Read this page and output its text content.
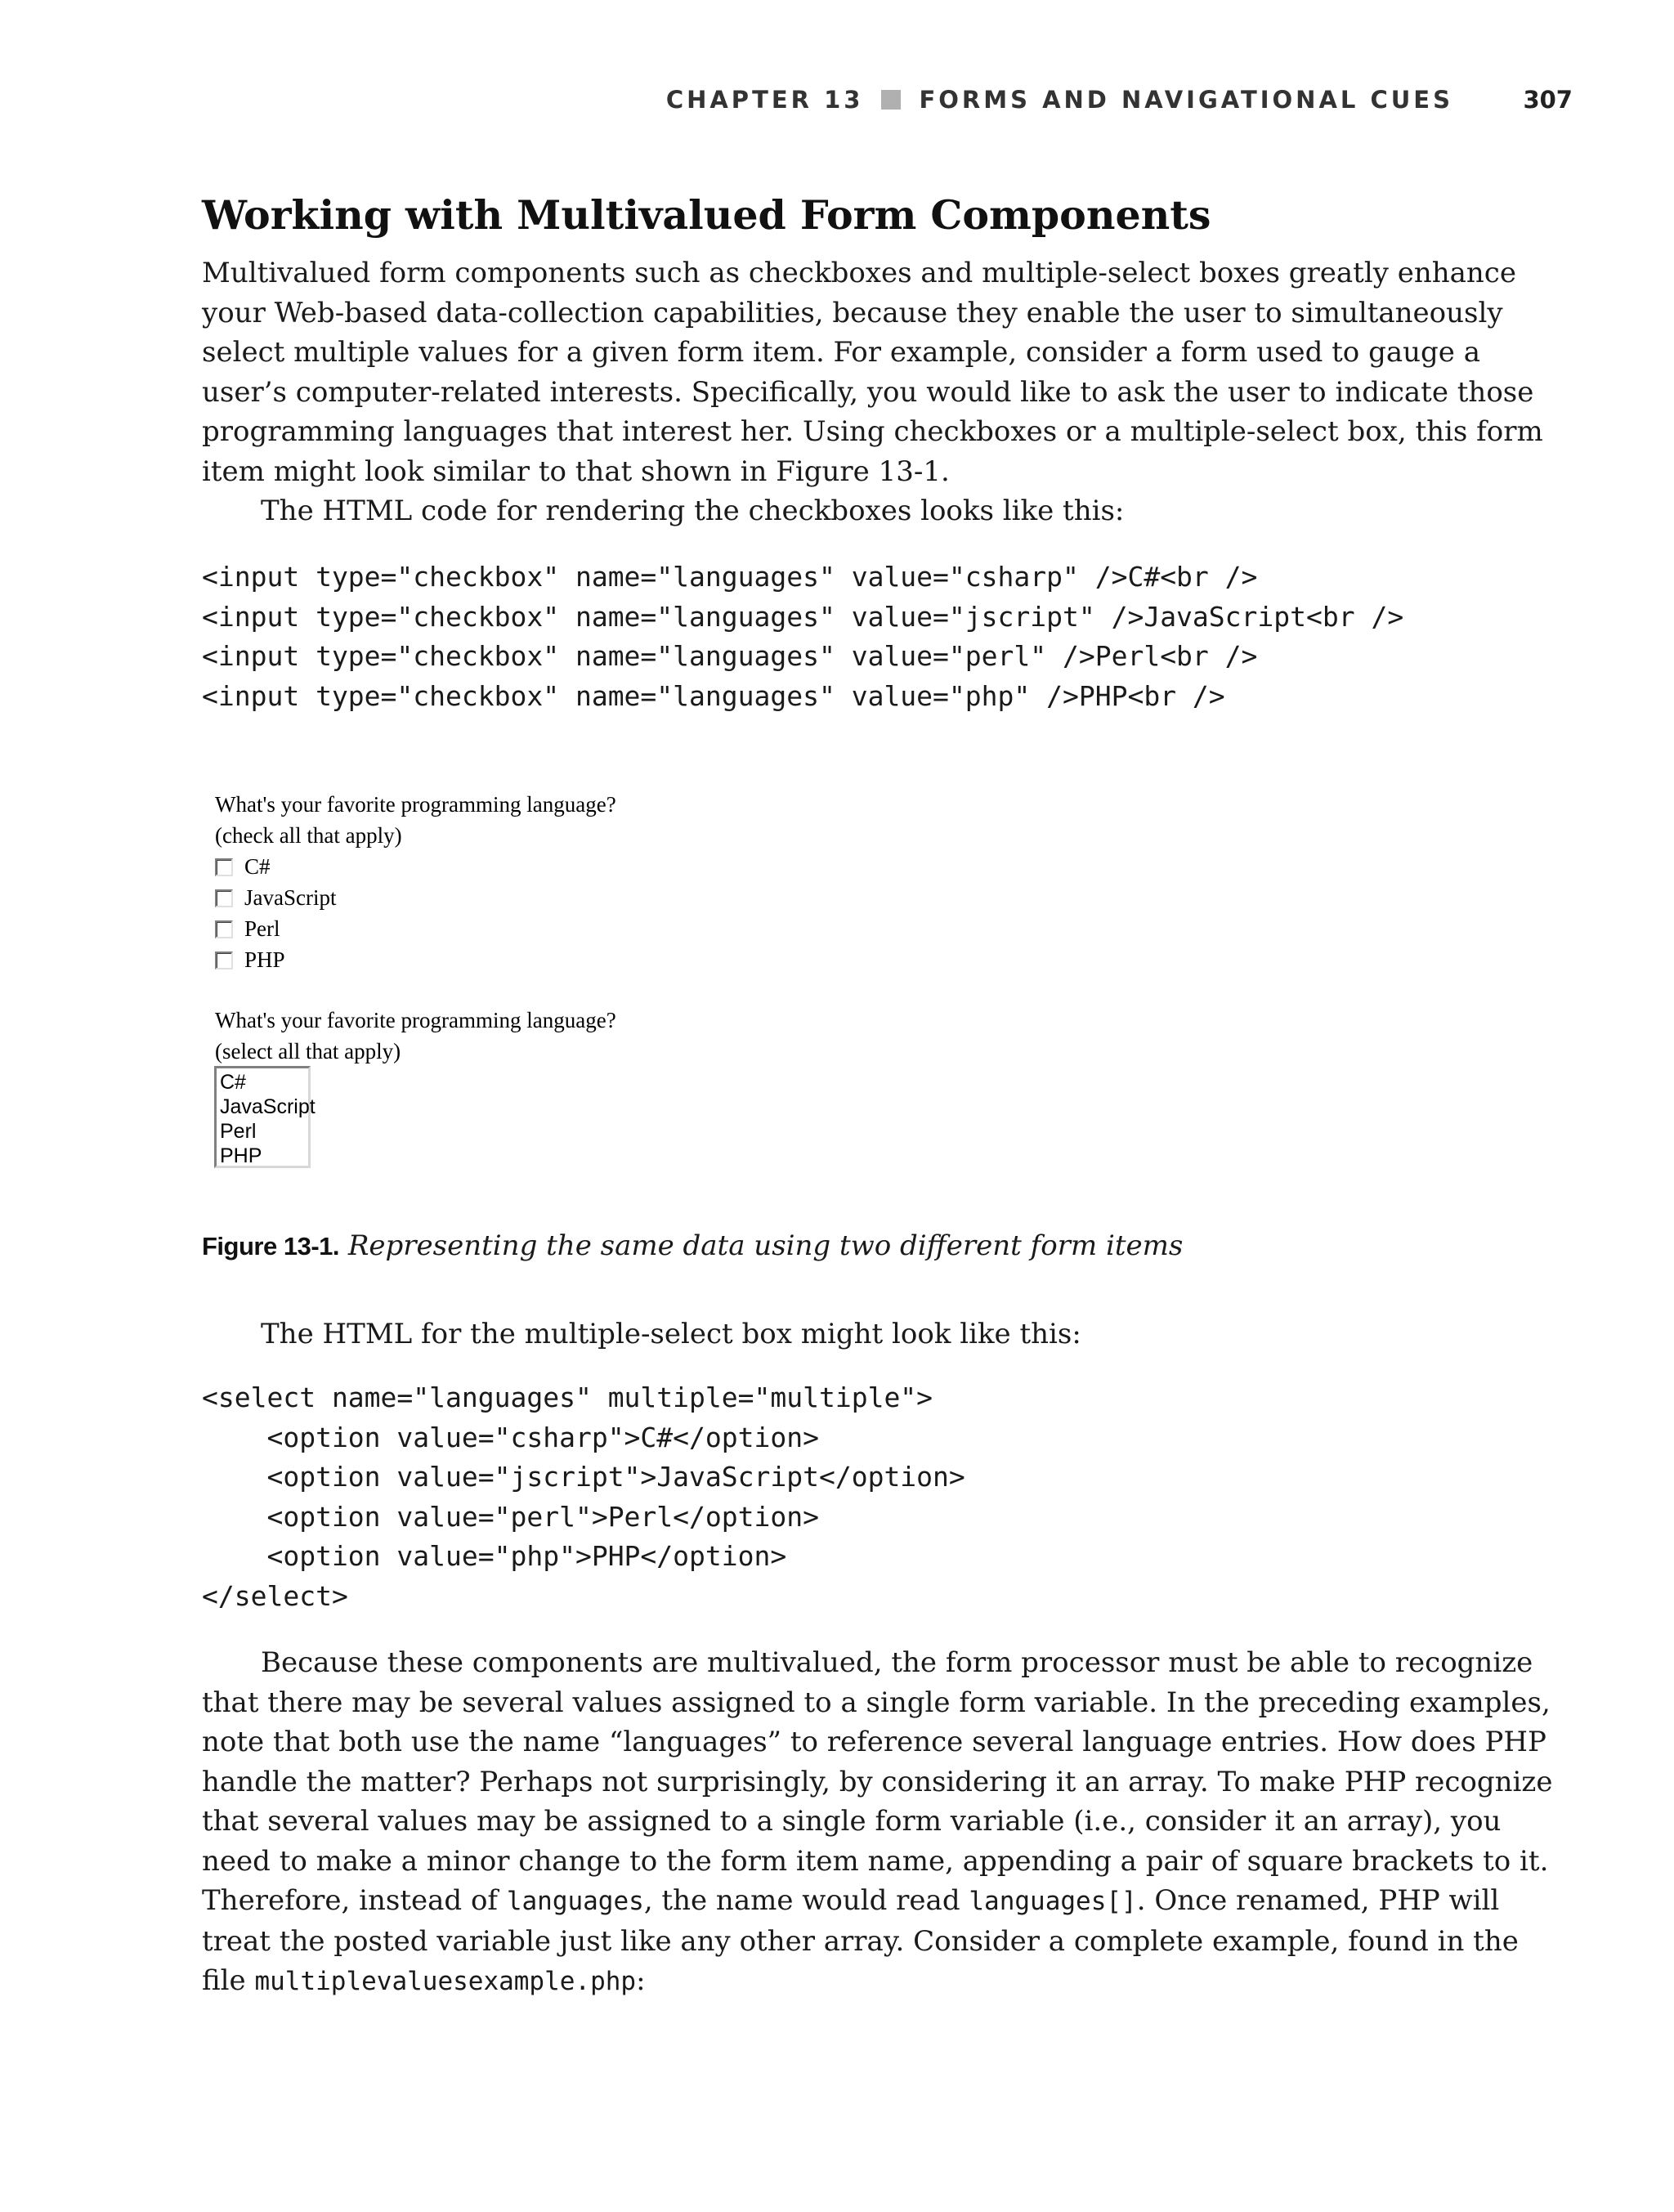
CHAPTER 13 FORMS AND NAVIGATIONAL CUES	307
Working with Multivalued Form Components

Multivalued form components such as checkboxes and multiple-select boxes greatly enhance
your Web-based data-collection capabilities, because they enable the user to simultaneously
select multiple values for a given form item. For example, consider a form used to gauge a
user’s computer-related interests. Specifically, you would like to ask the user to indicate those
programming languages that interest her. Using checkboxes or a multiple-select box, this form
item might look similar to that shown in Figure 13-1.
The HTML code for rendering the checkboxes looks like this:

<input type="checkbox" name="languages" value="csharp" />C#<br />
<input type="checkbox" name="languages" value="jscript" />JavaScript<br />
<input type="checkbox" name="languages" value="perl" />Perl<br />
<input type="checkbox" name="languages" value="php" />PHP<br />
What's your favorite programming language?
(check all that apply)
C#
JavaScript
Perl
PHP
What's your favorite programming language?
(select all that apply)
C#
JavaScript
Perl
PHP

Figure 13-1. Representing the same data using two different form items

The HTML for the multiple-select box might look like this:

<select name="languages" multiple="multiple">
<option value="csharp">C#</option>
<option value="jscript">JavaScript</option>
<option value="perl">Perl</option>
<option value="php">PHP</option>
</select>

Because these components are multivalued, the form processor must be able to recognize
that there may be several values assigned to a single form variable. In the preceding examples,
note that both use the name “languages” to reference several language entries. How does PHP
handle the matter? Perhaps not surprisingly, by considering it an array. To make PHP recognize
that several values may be assigned to a single form variable (i.e., consider it an array), you
need to make a minor change to the form item name, appending a pair of square brackets to it.
Therefore, instead of languages, the name would read languages[]. Once renamed, PHP will
treat the posted variable just like any other array. Consider a complete example, found in the
file multiplevaluesexample.php:
